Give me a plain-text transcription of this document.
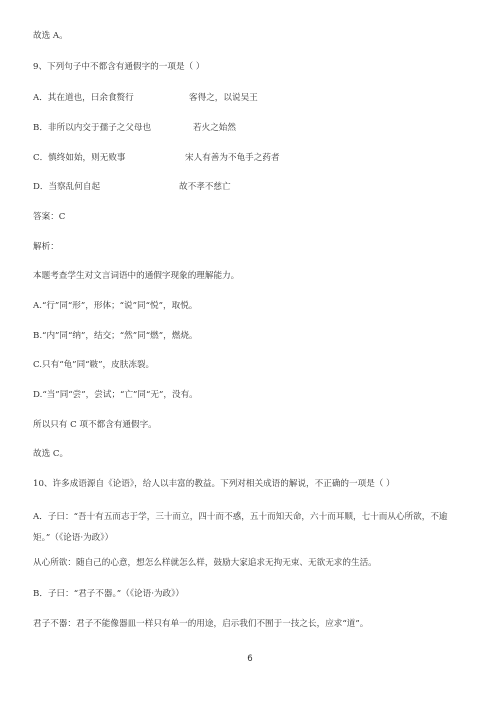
故选 A。
9、下列句子中不都含有通假字的一项是（ ）
A．其在道也，曰余食赘行	客得之，以说吴王
B．非所以内交于孺子之父母也	若火之始然
C．慎终如始，则无败事	宋人有善为不龟手之药者
D．当察乱何自起	故不孝不慈亡
答案：C
解析：
本题考查学生对文言词语中的通假字现象的理解能力。
A.“行”同“形”，形体；“说”同“悦”，取悦。
B.“内”同“纳”，结交；“然”同“燃”，燃烧。
C.只有“龟”同“皲”，皮肤冻裂。
D.“当”同“尝”，尝试；“亡”同“无”，没有。
所以只有 C 项不都含有通假字。
故选 C。
10、许多成语源自《论语》，给人以丰富的教益。下列对相关成语的解说，不正确的一项是（ ）
A．子曰：“吾十有五而志于学，三十而立，四十而不惑，五十而知天命，六十而耳顺，七十而从心所欲，不逾矩。”（《论语·为政》）
从心所欲：随自己的心意，想怎么样就怎么样，鼓励大家追求无拘无束、无欲无求的生活。
B．子曰：“君子不器。”（《论语·为政》）
君子不器：君子不能像器皿一样只有单一的用途，启示我们不囿于一技之长，应求“道”。
6
